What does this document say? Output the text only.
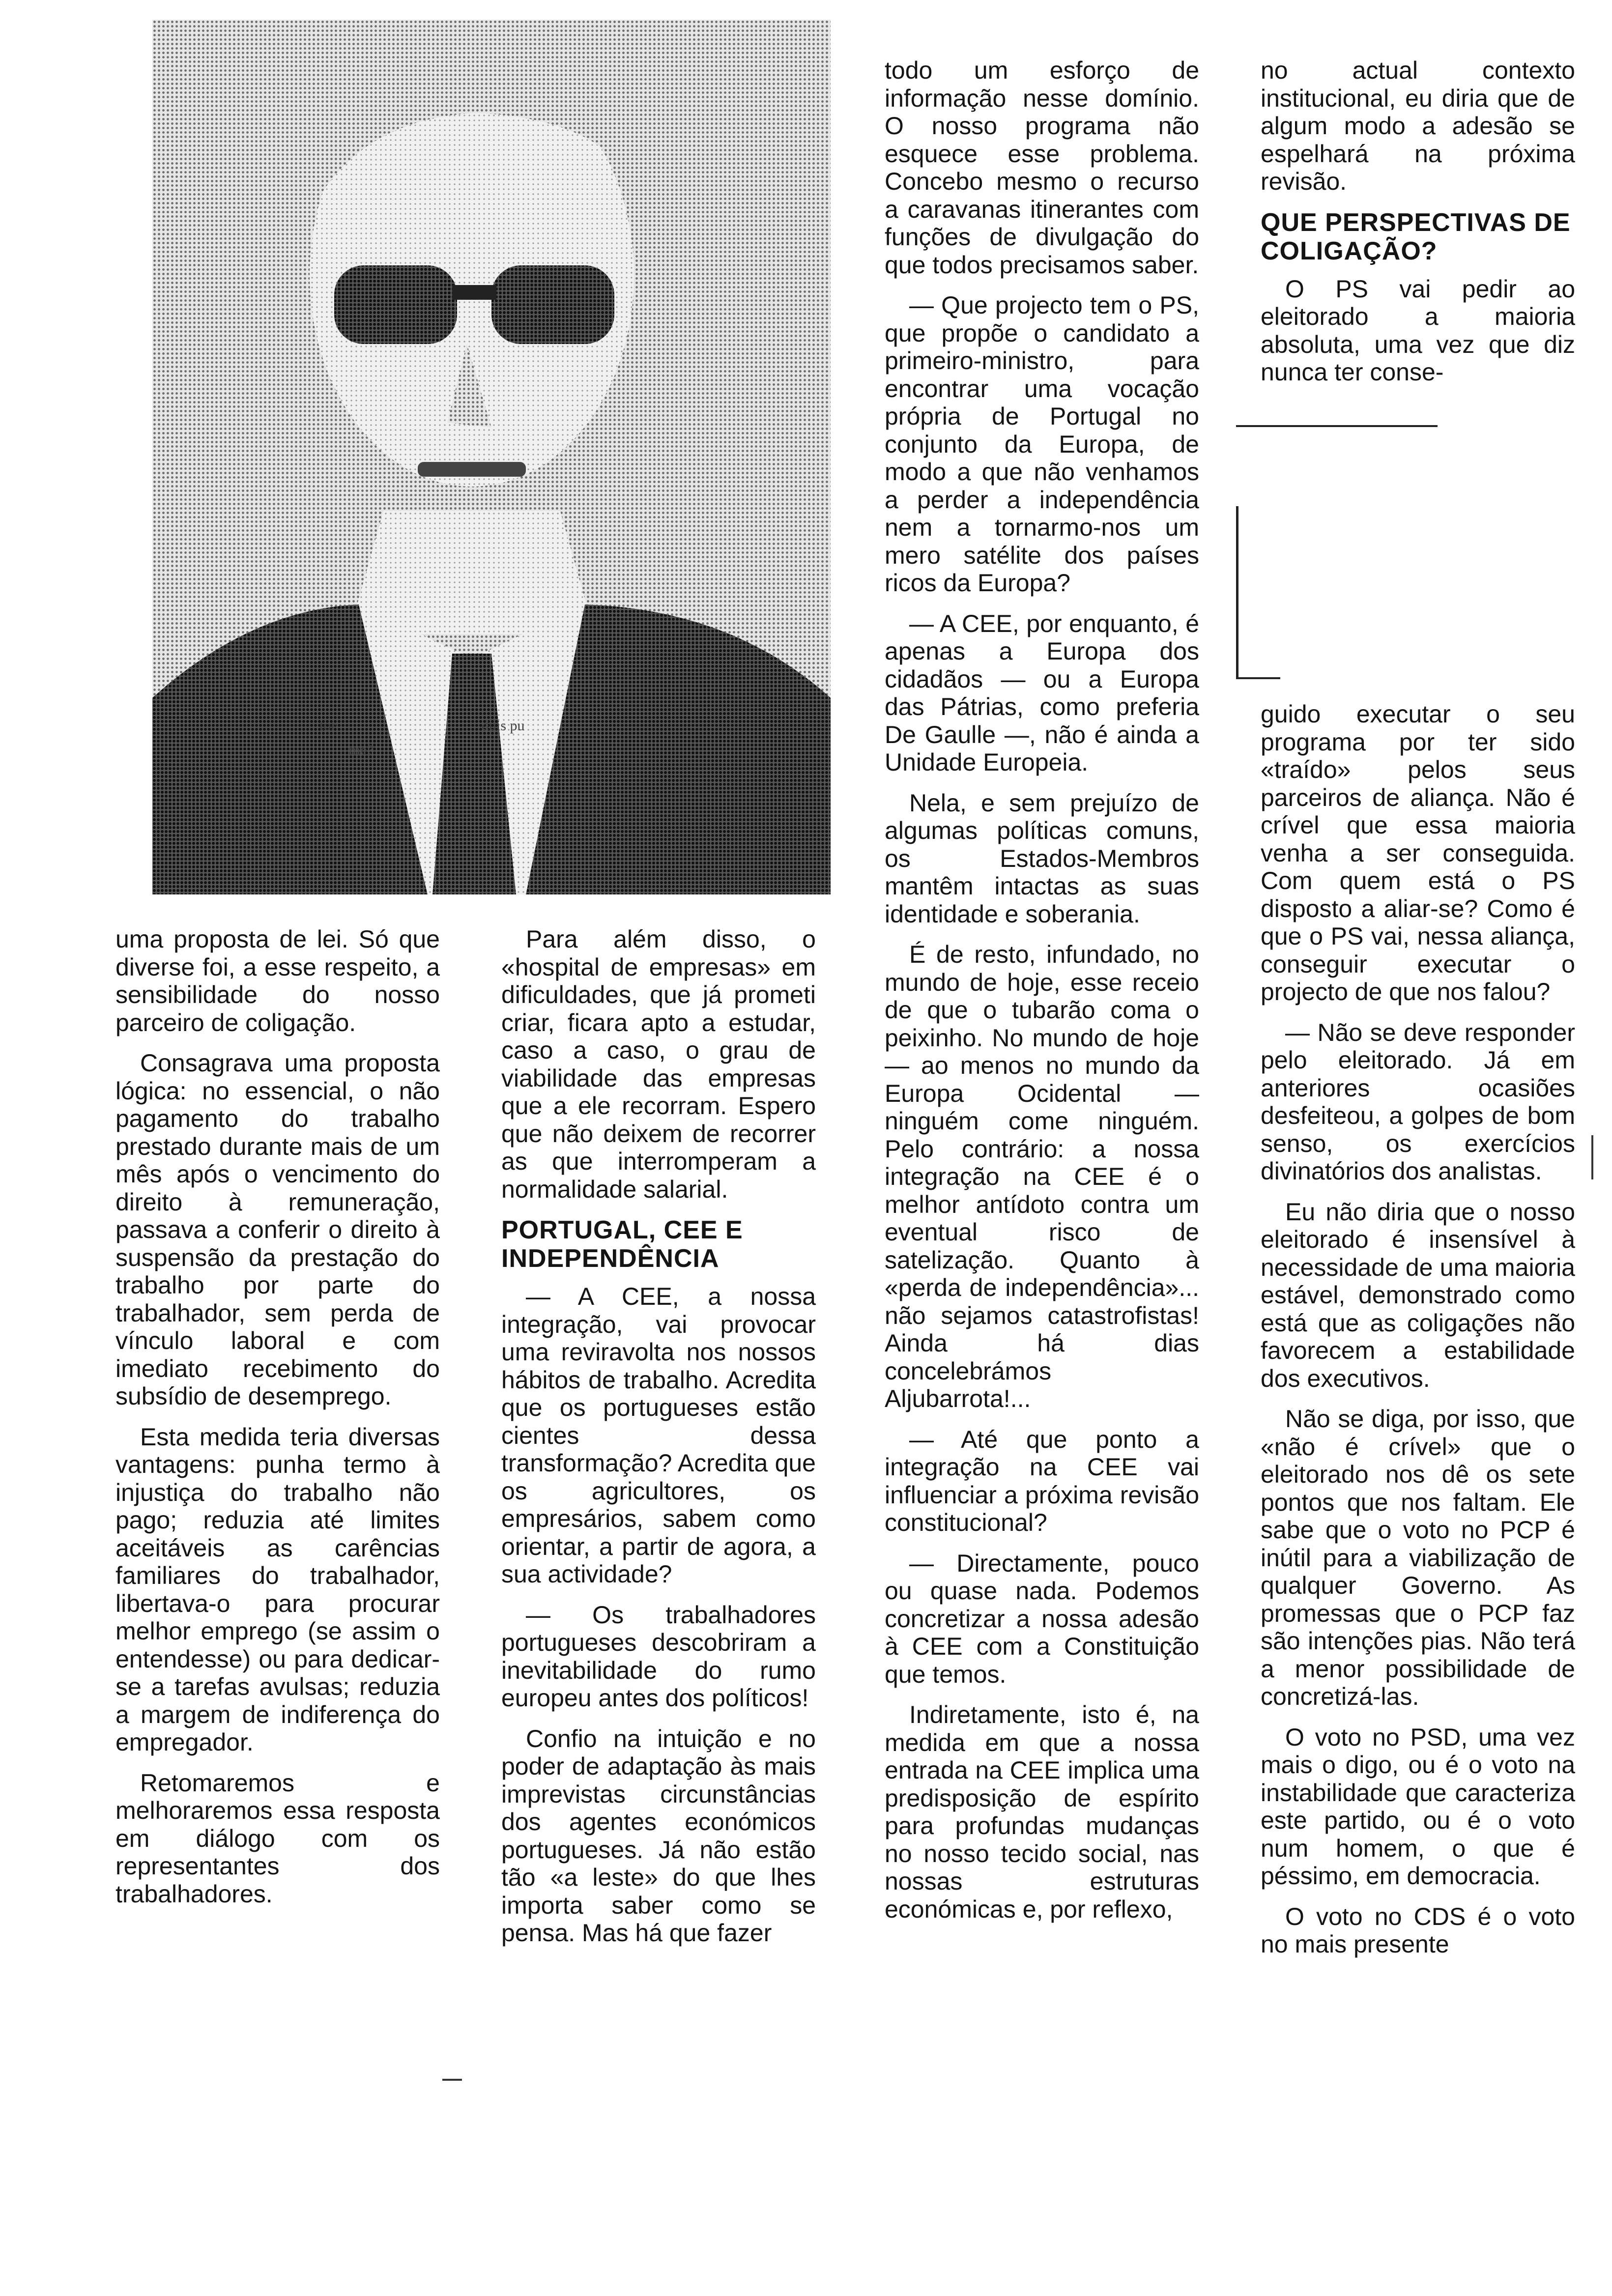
tor	duis pu
me?

uma proposta de lei. Só que diverse foi, a esse respeito, a sensibilidade do nosso parceiro de coligação.

Consagrava uma proposta lógica: no essencial, o não pagamento do trabalho prestado durante mais de um mês após o vencimento do direito à remuneração, passava a conferir o direito à suspensão da prestação do trabalho por parte do trabalhador, sem perda de vínculo laboral e com imediato recebimento do subsídio de desemprego.

Esta medida teria diversas vantagens: punha termo à injustiça do trabalho não pago; reduzia até limites aceitáveis as carências familiares do trabalhador, libertava-o para procurar melhor emprego (se assim o entendesse) ou para dedicar-se a tarefas avulsas; reduzia a margem de indiferença do empregador.

Retomaremos e melhoraremos essa resposta em diálogo com os representantes dos trabalhadores.

Para além disso, o «hospital de empresas» em dificuldades, que já prometi criar, ficara apto a estudar, caso a caso, o grau de viabilidade das empresas que a ele recorram. Espero que não deixem de recorrer as que interromperam a normalidade salarial.

PORTUGAL, CEE E INDEPENDÊNCIA

— A CEE, a nossa integração, vai provocar uma reviravolta nos nossos hábitos de trabalho. Acredita que os portugueses estão cientes dessa transformação? Acredita que os agricultores, os empresários, sabem como orientar, a partir de agora, a sua actividade?

— Os trabalhadores portugueses descobriram a inevitabilidade do rumo europeu antes dos políticos!

Confio na intuição e no poder de adaptação às mais imprevistas circunstâncias dos agentes económicos portugueses. Já não estão tão «a leste» do que lhes importa saber como se pensa. Mas há que fazer

todo um esforço de informação nesse domínio. O nosso programa não esquece esse problema. Concebo mesmo o recurso a caravanas itinerantes com funções de divulgação do que todos precisamos saber.

— Que projecto tem o PS, que propõe o candidato a primeiro-ministro, para encontrar uma vocação própria de Portugal no conjunto da Europa, de modo a que não venhamos a perder a independência nem a tornarmo-nos um mero satélite dos países ricos da Europa?

— A CEE, por enquanto, é apenas a Europa dos cidadãos — ou a Europa das Pátrias, como preferia De Gaulle —, não é ainda a Unidade Europeia.

Nela, e sem prejuízo de algumas políticas comuns, os Estados-Membros mantêm intactas as suas identidade e soberania.

É de resto, infundado, no mundo de hoje, esse receio de que o tubarão coma o peixinho. No mundo de hoje — ao menos no mundo da Europa Ocidental — ninguém come ninguém. Pelo contrário: a nossa integração na CEE é o melhor antídoto contra um eventual risco de satelização. Quanto à «perda de independência»... não sejamos catastrofistas! Ainda há dias concelebrámos Aljubarrota!...

— Até que ponto a integração na CEE vai influenciar a próxima revisão constitucional?

— Directamente, pouco ou quase nada. Podemos concretizar a nossa adesão à CEE com a Constituição que temos.

Indiretamente, isto é, na medida em que a nossa entrada na CEE implica uma predisposição de espírito para profundas mudanças no nosso tecido social, nas nossas estruturas económicas e, por reflexo,

no actual contexto institucional, eu diria que de algum modo a adesão se espelhará na próxima revisão.

QUE PERSPECTIVAS DE COLIGAÇÃO?

O PS vai pedir ao eleitorado a maioria absoluta, uma vez que diz nunca ter conse-

guido executar o seu programa por ter sido «traído» pelos seus parceiros de aliança. Não é crível que essa maioria venha a ser conseguida. Com quem está o PS disposto a aliar-se? Como é que o PS vai, nessa aliança, conseguir executar o projecto de que nos falou?

— Não se deve responder pelo eleitorado. Já em anteriores ocasiões desfeiteou, a golpes de bom senso, os exercícios divinatórios dos analistas.

Eu não diria que o nosso eleitorado é insensível à necessidade de uma maioria estável, demonstrado como está que as coligações não favorecem a estabilidade dos executivos.

Não se diga, por isso, que «não é crível» que o eleitorado nos dê os sete pontos que nos faltam. Ele sabe que o voto no PCP é inútil para a viabilização de qualquer Governo. As promessas que o PCP faz são intenções pias. Não terá a menor possibilidade de concretizá-las.

O voto no PSD, uma vez mais o digo, ou é o voto na instabilidade que caracteriza este partido, ou é o voto num homem, o que é péssimo, em democracia.

O voto no CDS é o voto no mais presente
